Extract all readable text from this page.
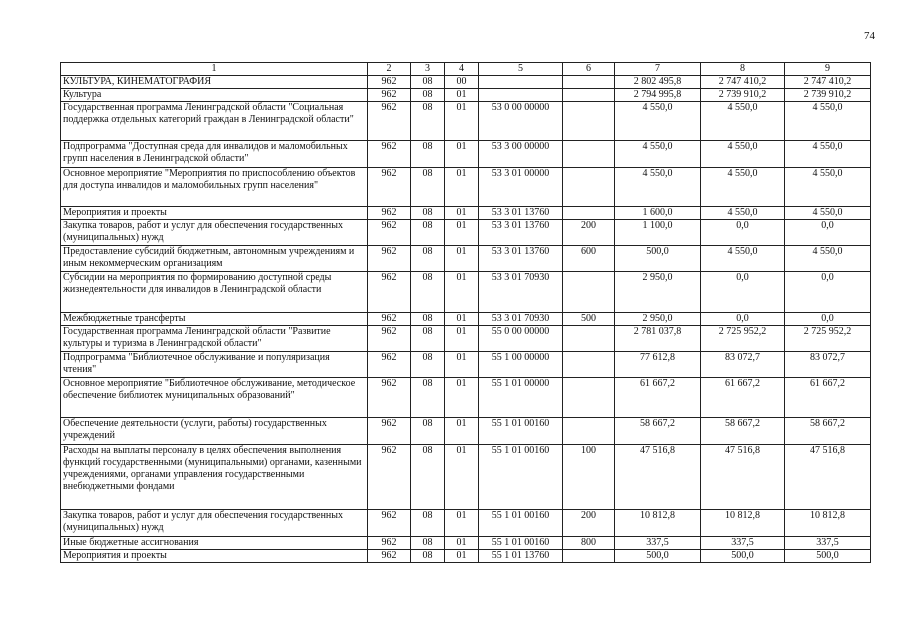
74
1	2	3	4	5	6	7	8	9
КУЛЬТУРА, КИНЕМАТОГРАФИЯ	962	08	00			2 802 495,8	2 747 410,2	2 747 410,2
Культура	962	08	01			2 794 995,8	2 739 910,2	2 739 910,2
Государственная программа Ленинградской области "Социальная поддержка отдельных категорий граждан в Ленинградской области"	962	08	01	53 0 00 00000		4 550,0	4 550,0	4 550,0
Подпрограмма "Доступная среда для инвалидов и маломобильных групп населения в Ленинградской области"	962	08	01	53 3 00 00000		4 550,0	4 550,0	4 550,0
Основное мероприятие "Мероприятия по приспособлению объектов для доступа инвалидов и маломобильных групп населения"	962	08	01	53 3 01 00000		4 550,0	4 550,0	4 550,0
Мероприятия и проекты	962	08	01	53 3 01 13760		1 600,0	4 550,0	4 550,0
Закупка товаров, работ и услуг для обеспечения государственных (муниципальных) нужд	962	08	01	53 3 01 13760	200	1 100,0	0,0	0,0
Предоставление субсидий бюджетным, автономным учреждениям и иным некоммерческим организациям	962	08	01	53 3 01 13760	600	500,0	4 550,0	4 550,0
Субсидии на мероприятия по формированию доступной среды жизнедеятельности для инвалидов в Ленинградской области	962	08	01	53 3 01 70930		2 950,0	0,0	0,0
Межбюджетные трансферты	962	08	01	53 3 01 70930	500	2 950,0	0,0	0,0
Государственная программа Ленинградской области "Развитие культуры и туризма в Ленинградской области"	962	08	01	55 0 00 00000		2 781 037,8	2 725 952,2	2 725 952,2
Подпрограмма "Библиотечное обслуживание и популяризация чтения"	962	08	01	55 1 00 00000		77 612,8	83 072,7	83 072,7
Основное мероприятие "Библиотечное обслуживание, методическое обеспечение библиотек муниципальных образований"	962	08	01	55 1 01 00000		61 667,2	61 667,2	61 667,2
Обеспечение деятельности (услуги, работы) государственных учреждений	962	08	01	55 1 01 00160		58 667,2	58 667,2	58 667,2
Расходы на выплаты персоналу в целях обеспечения выполнения функций государственными (муниципальными) органами, казенными учреждениями, органами управления государственными внебюджетными фондами	962	08	01	55 1 01 00160	100	47 516,8	47 516,8	47 516,8
Закупка товаров, работ и услуг для обеспечения государственных (муниципальных) нужд	962	08	01	55 1 01 00160	200	10 812,8	10 812,8	10 812,8
Иные бюджетные ассигнования	962	08	01	55 1 01 00160	800	337,5	337,5	337,5
Мероприятия и проекты	962	08	01	55 1 01 13760		500,0	500,0	500,0
